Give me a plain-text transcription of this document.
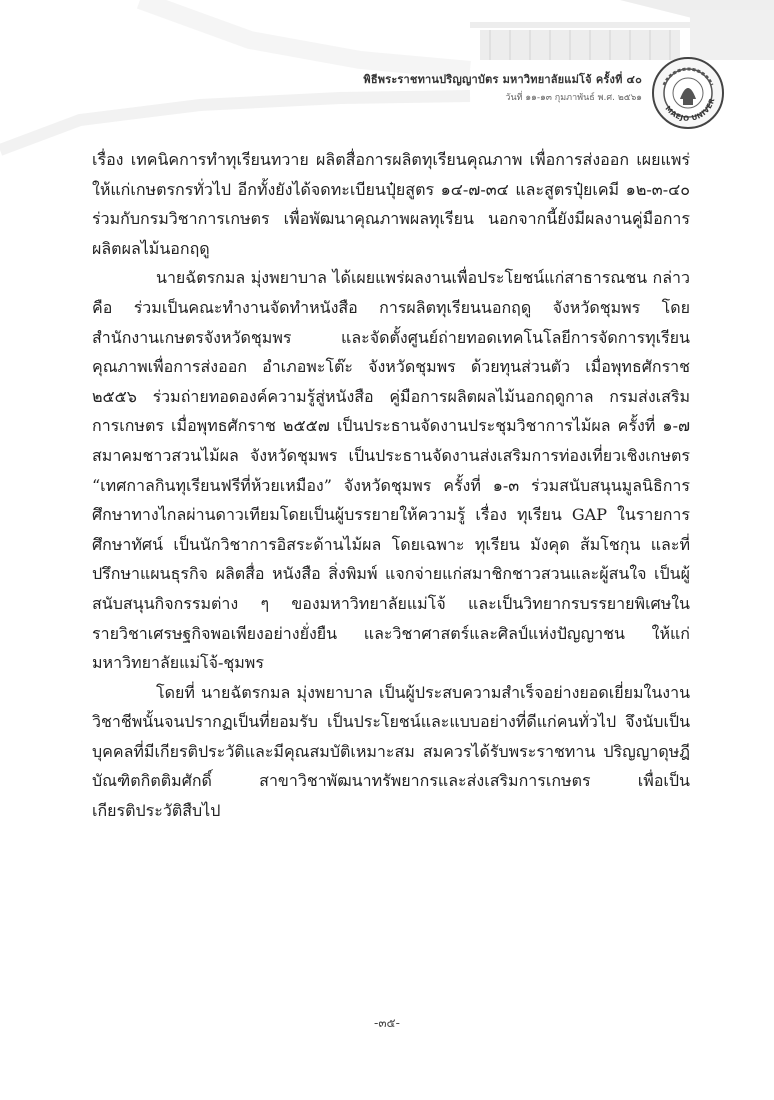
พิธีพระราชทานปริญญาบัตร มหาวิทยาลัยแม่โจ้ ครั้งที่ ๔๐
วันที่ ๑๑-๑๓ กุมภาพันธ์ พ.ศ. ๒๕๖๑
MAEJO UNIVER

เรื่อง เทคนิคการทำทุเรียนทวาย ผลิตสื่อการผลิตทุเรียนคุณภาพ เพื่อการส่งออก เผยแพร่ให้แก่เกษตรกรทั่วไป อีกทั้งยังได้จดทะเบียนปุ๋ยสูตร ๑๔-๗-๓๔ และสูตรปุ๋ยเคมี ๑๒-๓-๔๐ ร่วมกับกรมวิชาการเกษตร เพื่อพัฒนาคุณภาพผลทุเรียน นอกจากนี้ยังมีผลงานคู่มือการผลิตผลไม้นอกฤดู

นายฉัตรกมล มุ่งพยาบาล ได้เผยแพร่ผลงานเพื่อประโยชน์แก่สาธารณชน กล่าวคือ ร่วมเป็นคณะทำงานจัดทำหนังสือ การผลิตทุเรียนนอกฤดู จังหวัดชุมพร โดยสำนักงานเกษตรจังหวัดชุมพร และจัดตั้งศูนย์ถ่ายทอดเทคโนโลยีการจัดการทุเรียนคุณภาพเพื่อการส่งออก อำเภอพะโต๊ะ จังหวัดชุมพร ด้วยทุนส่วนตัว เมื่อพุทธศักราช ๒๕๕๖ ร่วมถ่ายทอดองค์ความรู้สู่หนังสือ คู่มือการผลิตผลไม้นอกฤดูกาล กรมส่งเสริมการเกษตร เมื่อพุทธศักราช ๒๕๕๗ เป็นประธานจัดงานประชุมวิชาการไม้ผล ครั้งที่ ๑-๗ สมาคมชาวสวนไม้ผล จังหวัดชุมพร เป็นประธานจัดงานส่งเสริมการท่องเที่ยวเชิงเกษตร “เทศกาลกินทุเรียนฟรีที่ห้วยเหมือง” จังหวัดชุมพร ครั้งที่ ๑-๓ ร่วมสนับสนุนมูลนิธิการศึกษาทางไกลผ่านดาวเทียมโดยเป็นผู้บรรยายให้ความรู้ เรื่อง ทุเรียน GAP ในรายการศึกษาทัศน์ เป็นนักวิชาการอิสระด้านไม้ผล โดยเฉพาะ ทุเรียน มังคุด ส้มโชกุน และที่ปรึกษาแผนธุรกิจ ผลิตสื่อ หนังสือ สิ่งพิมพ์ แจกจ่ายแก่สมาชิกชาวสวนและผู้สนใจ เป็นผู้สนับสนุนกิจกรรมต่าง ๆ ของมหาวิทยาลัยแม่โจ้ และเป็นวิทยากรบรรยายพิเศษในรายวิชาเศรษฐกิจพอเพียงอย่างยั่งยืน และวิชาศาสตร์และศิลป์แห่งปัญญาชน ให้แก่มหาวิทยาลัยแม่โจ้-ชุมพร

โดยที่ นายฉัตรกมล มุ่งพยาบาล เป็นผู้ประสบความสำเร็จอย่างยอดเยี่ยมในงานวิชาชีพนั้นจนปรากฏเป็นที่ยอมรับ เป็นประโยชน์และแบบอย่างที่ดีแก่คนทั่วไป จึงนับเป็นบุคคลที่มีเกียรติประวัติและมีคุณสมบัติเหมาะสม สมควรได้รับพระราชทาน ปริญญาดุษฎีบัณฑิตกิตติมศักดิ์ สาขาวิชาพัฒนาทรัพยากรและส่งเสริมการเกษตร เพื่อเป็นเกียรติประวัติสืบไป

-๓๕-
